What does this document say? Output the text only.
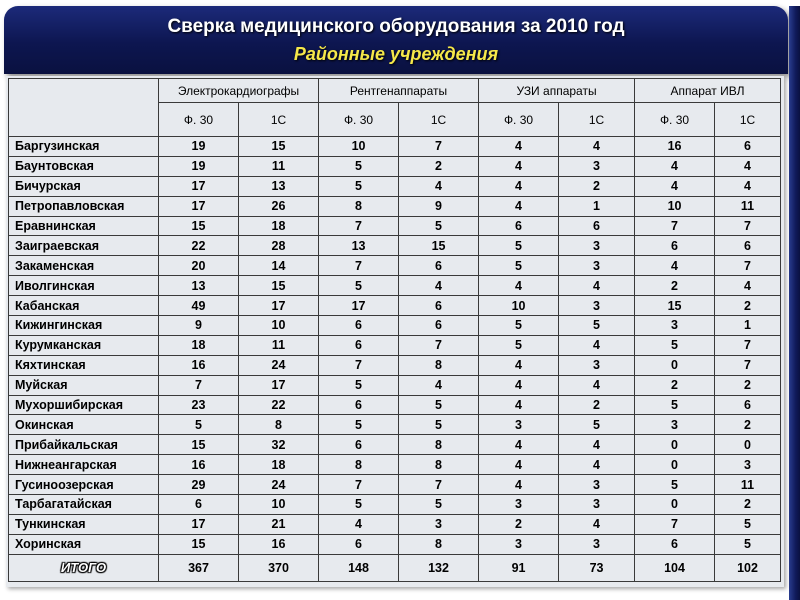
Сверка медицинского оборудования за 2010 год
Районные учреждения
	Электрокардиографы		Рентгенаппараты		УЗИ аппараты		Аппарат ИВЛ	
	Ф. 30	1С	Ф. 30	1С	Ф. 30	1С	Ф. 30	1С
Баргузинская	19	15	10	7	4	4	16	6
Баунтовская	19	11	5	2	4	3	4	4
Бичурская	17	13	5	4	4	2	4	4
Петропавловская	17	26	8	9	4	1	10	11
Еравнинская	15	18	7	5	6	6	7	7
Заиграевская	22	28	13	15	5	3	6	6
Закаменская	20	14	7	6	5	3	4	7
Иволгинская	13	15	5	4	4	4	2	4
Кабанская	49	17	17	6	10	3	15	2
Кижингинская	9	10	6	6	5	5	3	1
Курумканская	18	11	6	7	5	4	5	7
Кяхтинская	16	24	7	8	4	3	0	7
Муйская	7	17	5	4	4	4	2	2
Мухоршибирская	23	22	6	5	4	2	5	6
Окинская	5	8	5	5	3	5	3	2
Прибайкальская	15	32	6	8	4	4	0	0
Нижнеангарская	16	18	8	8	4	4	0	3
Гусиноозерская	29	24	7	7	4	3	5	11
Тарбагатайская	6	10	5	5	3	3	0	2
Тункинская	17	21	4	3	2	4	7	5
Хоринская	15	16	6	8	3	3	6	5
ИТОГО	367	370	148	132	91	73	104	102
